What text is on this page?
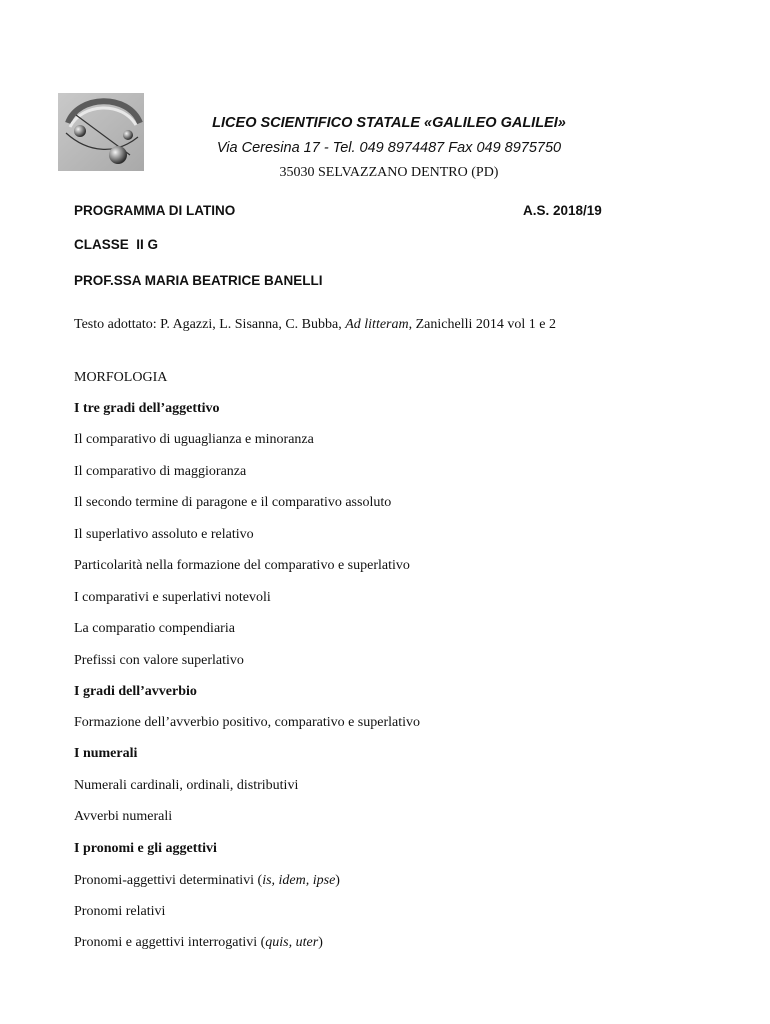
LICEO SCIENTIFICO STATALE «GALILEO GALILEI»
Via Ceresina 17 - Tel. 049 8974487 Fax 049 8975750
35030 SELVAZZANO DENTRO (PD)
PROGRAMMA DI LATINO	A.S. 2018/19
CLASSE  II G
PROF.SSA MARIA BEATRICE BANELLI
Testo adottato: P. Agazzi, L. Sisanna, C. Bubba, Ad litteram, Zanichelli 2014 vol 1 e 2
MORFOLOGIA
I tre gradi dell’aggettivo
Il comparativo di uguaglianza e minoranza
Il comparativo di maggioranza
Il secondo termine di paragone e il comparativo assoluto
Il superlativo assoluto e relativo
Particolarità nella formazione del comparativo e superlativo
I comparativi e superlativi notevoli
La comparatio compendiaria
Prefissi con valore superlativo
I gradi dell’avverbio
Formazione dell’avverbio positivo, comparativo e superlativo
I numerali
Numerali cardinali, ordinali, distributivi
Avverbi numerali
I pronomi e gli aggettivi
Pronomi-aggettivi determinativi (is, idem, ipse)
Pronomi relativi
Pronomi e aggettivi interrogativi (quis, uter)
